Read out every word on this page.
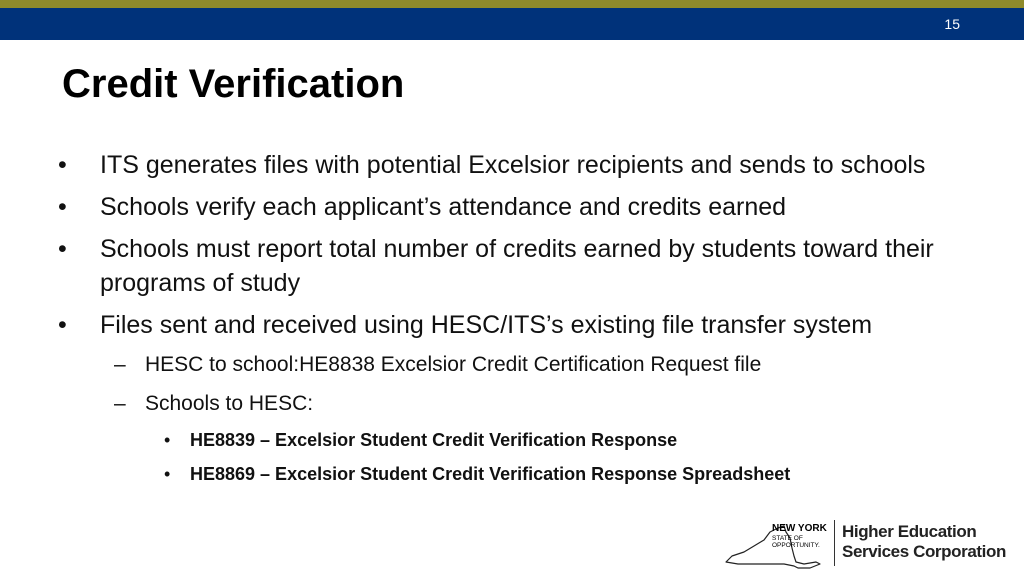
15
Credit Verification
• ITS generates files with potential Excelsior recipients and sends to schools
• Schools verify each applicant’s attendance and credits earned
• Schools must report total number of credits earned by students toward their programs of study
• Files sent and received using HESC/ITS’s existing file transfer system
– HESC to school:HE8838 Excelsior Credit Certification Request file
– Schools to HESC:
• HE8839 – Excelsior Student Credit Verification Response
• HE8869 – Excelsior Student Credit Verification Response Spreadsheet
NEW YORK
STATE OF OPPORTUNITY.
Higher Education
Services Corporation
